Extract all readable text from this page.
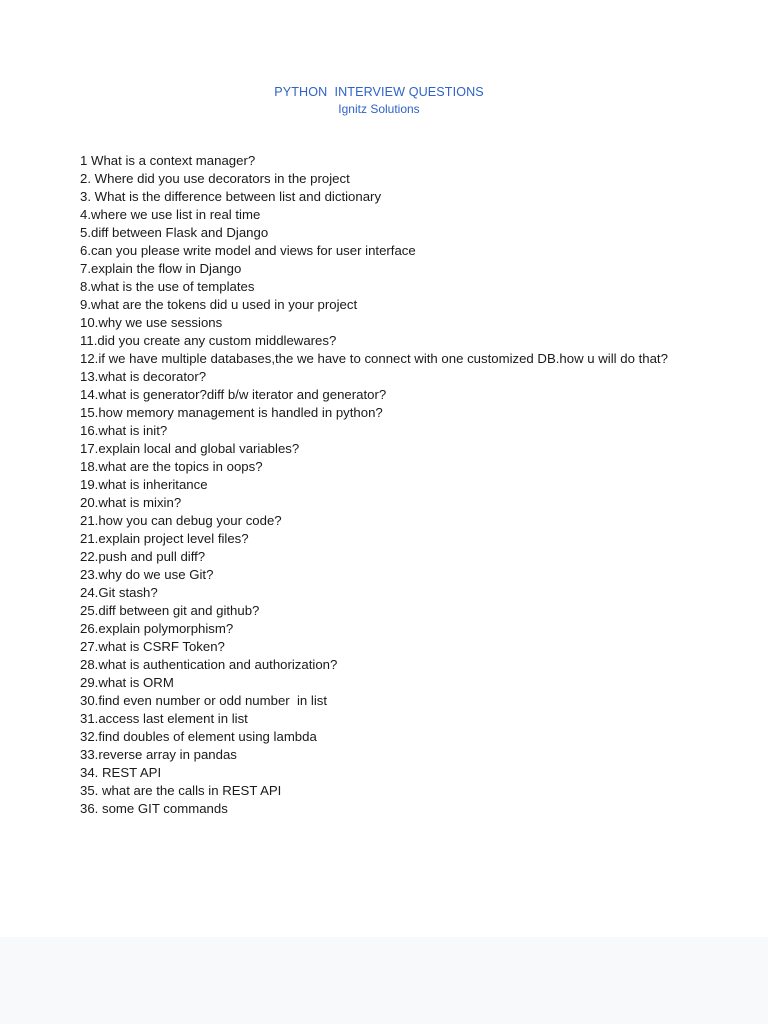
PYTHON  INTERVIEW QUESTIONS
Ignitz Solutions
1 What is a context manager?
2. Where did you use decorators in the project
3. What is the difference between list and dictionary
4.where we use list in real time
5.diff between Flask and Django
6.can you please write model and views for user interface
7.explain the flow in Django
8.what is the use of templates
9.what are the tokens did u used in your project
10.why we use sessions
11.did you create any custom middlewares?
12.if we have multiple databases,the we have to connect with one customized DB.how u will do that?
13.what is decorator?
14.what is generator?diff b/w iterator and generator?
15.how memory management is handled in python?
16.what is init?
17.explain local and global variables?
18.what are the topics in oops?
19.what is inheritance
20.what is mixin?
21.how you can debug your code?
21.explain project level files?
22.push and pull diff?
23.why do we use Git?
24.Git stash?
25.diff between git and github?
26.explain polymorphism?
27.what is CSRF Token?
28.what is authentication and authorization?
29.what is ORM
30.find even number or odd number  in list
31.access last element in list
32.find doubles of element using lambda
33.reverse array in pandas
34. REST API
35. what are the calls in REST API
36. some GIT commands
